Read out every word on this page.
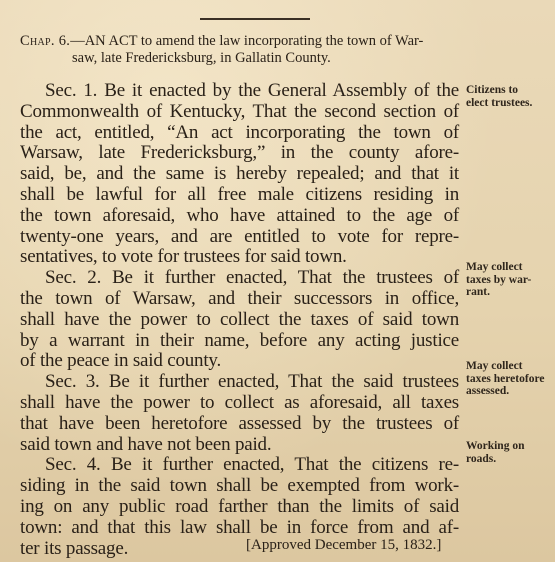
Chap. 6.—AN ACT to amend the law incorporating the town of War-
saw, late Fredericksburg, in Gallatin County.
Sec. 1. Be it enacted by the General Assembly of the
Commonwealth of Kentucky, That the second section of
the act, entitled, “An act incorporating the town of
Warsaw, late Fredericksburg,” in the county afore-
said, be, and the same is hereby repealed; and that it
shall be lawful for all free male citizens residing in
the town aforesaid, who have attained to the age of
twenty-one years, and are entitled to vote for repre-
sentatives, to vote for trustees for said town.
Sec. 2. Be it further enacted, That the trustees of
the town of Warsaw, and their successors in office,
shall have the power to collect the taxes of said town
by a warrant in their name, before any acting justice
of the peace in said county.
Sec. 3. Be it further enacted, That the said trustees
shall have the power to collect as aforesaid, all taxes
that have been heretofore assessed by the trustees of
said town and have not been paid.
Sec. 4. Be it further enacted, That the citizens re-
siding in the said town shall be exempted from work-
ing on any public road farther than the limits of said
town: and that this law shall be in force from and af-
ter its passage.	[Approved December 15, 1832.]
Citizens to
elect trustees.
May collect
taxes by war-
rant.
May collect
taxes heretofore
assessed.
Working on
roads.
